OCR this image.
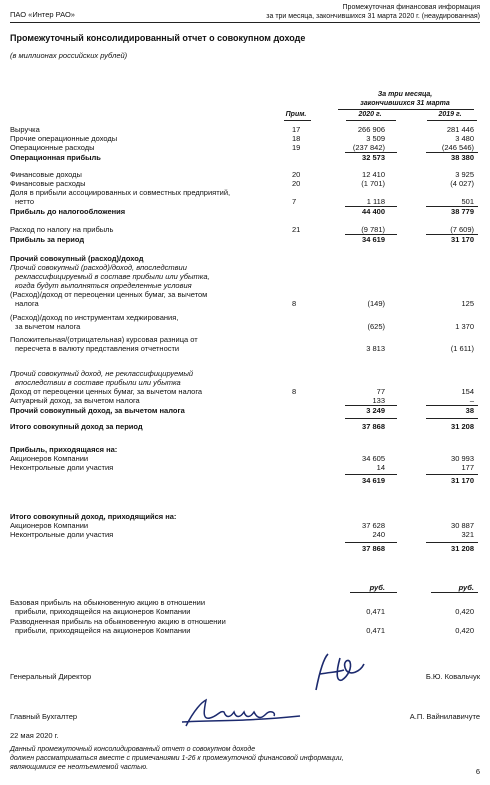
ПАО «Интер РАО»
Промежуточная финансовая информация
за три месяца, закончившихся 31 марта 2020 г. (неаудированная)
Промежуточный консолидированный отчет о совокупном доходе
(в миллионах российских рублей)
За три месяца,
закончившихся 31 марта
Прим.	2020 г.	2019 г.
Выручка	17	266 906	281 446
Прочие операционные доходы	18	3 509	3 480
Операционные расходы	19	(237 842)	(246 546)
Операционная прибыль	32 573	38 380
Финансовые доходы	20	12 410	3 925
Финансовые расходы	20	(1 701)	(4 027)
Доля в прибыли ассоциированных и совместных предприятий,
нетто	7	1 118	501
Прибыль до налогообложения	44 400	38 779
Расход по налогу на прибыль	21	(9 781)	(7 609)
Прибыль за период	34 619	31 170
Прочий совокупный (расход)/доход
Прочий совокупный (расход)/доход, впоследствии
реклассифицируемый в составе прибыли или убытка,
когда будут выполняться определенные условия
(Расход)/доход от переоценки ценных бумаг, за вычетом
налога	8	(149)	125
(Расход)/доход по инструментам хеджирования,
за вычетом налога	(625)	1 370
Положительная/(отрицательная) курсовая разница от
пересчета в валюту представления отчетности	3 813	(1 611)
Прочий совокупный доход, не реклассифицируемый
впоследствии в составе прибыли или убытка
Доход от переоценки ценных бумаг, за вычетом налога	8	77	154
Актуарный доход, за вычетом налога	133	–
Прочий совокупный доход, за вычетом налога	3 249	38
Итого совокупный доход за период	37 868	31 208
Прибыль, приходящаяся на:
Акционеров Компании	34 605	30 993
Неконтрольные доли участия	14	177
34 619	31 170
Итого совокупный доход, приходящийся на:
Акционеров Компании	37 628	30 887
Неконтрольные доли участия	240	321
37 868	31 208
руб.	руб.
Базовая прибыль на обыкновенную акцию в отношении
прибыли, приходящейся на акционеров Компании	0,471	0,420
Разводненная прибыль на обыкновенную акцию в отношении
прибыли, приходящейся на акционеров Компании	0,471	0,420
Генеральный Директор	Б.Ю. Ковальчук
Главный Бухгалтер	А.П. Вайнилавичуте
22 мая 2020 г.
Данный промежуточный консолидированный отчет о совокупном доходе
должен рассматриваться вместе с примечаниями 1-26 к промежуточной финансовой информации,
являющимися ее неотъемлемой частью.	6
